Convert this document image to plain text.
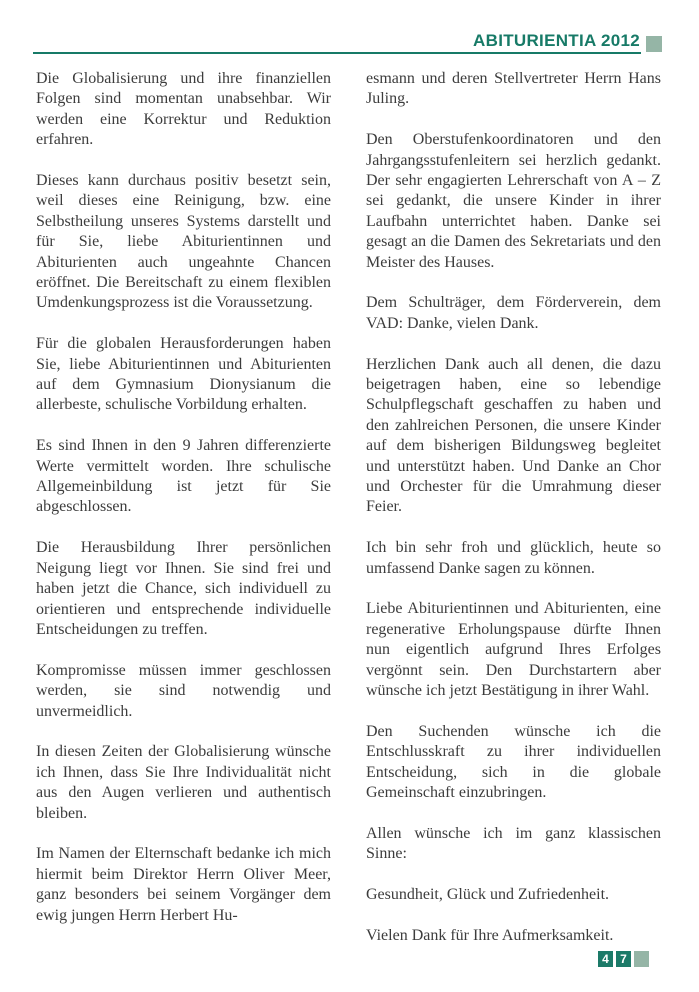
ABITURIENTIA 2012

Die Globalisierung und ihre finanziellen Folgen sind momentan unabsehbar. Wir werden eine Korrektur und Reduktion erfahren.

Dieses kann durchaus positiv besetzt sein, weil dieses eine Reinigung, bzw. eine Selbstheilung unseres Systems darstellt und für Sie, liebe Abiturientinnen und Abiturienten auch ungeahnte Chancen eröffnet. Die Bereitschaft zu einem flexiblen Umdenkungsprozess ist die Voraussetzung.

Für die globalen Herausforderungen haben Sie, liebe Abiturientinnen und Abiturienten auf dem Gymnasium Dionysianum die allerbeste, schulische Vorbildung erhalten.

Es sind Ihnen in den 9 Jahren differenzierte Werte vermittelt worden. Ihre schulische Allgemeinbildung ist jetzt für Sie abgeschlossen.

Die Herausbildung Ihrer persönlichen Neigung liegt vor Ihnen. Sie sind frei und haben jetzt die Chance, sich individuell zu orientieren und entsprechende individuelle Entscheidungen zu treffen.

Kompromisse müssen immer geschlossen werden, sie sind notwendig und unvermeidlich.

In diesen Zeiten der Globalisierung wünsche ich Ihnen, dass Sie Ihre Individualität nicht aus den Augen verlieren und authentisch bleiben.

Im Namen der Elternschaft bedanke ich mich hiermit beim Direktor Herrn Oliver Meer, ganz besonders bei seinem Vorgänger dem ewig jungen Herrn Herbert Hu-

esmann und deren Stellvertreter Herrn Hans Juling.

Den Oberstufenkoordinatoren und den Jahrgangsstufenleitern sei herzlich gedankt. Der sehr engagierten Lehrerschaft von A – Z sei gedankt, die unsere Kinder in ihrer Laufbahn unterrichtet haben. Danke sei gesagt an die Damen des Sekretariats und den Meister des Hauses.

Dem Schulträger, dem Förderverein, dem VAD: Danke, vielen Dank.

Herzlichen Dank auch all denen, die dazu beigetragen haben, eine so lebendige Schulpflegschaft geschaffen zu haben und den zahlreichen Personen, die unsere Kinder auf dem bisherigen Bildungsweg begleitet und unterstützt haben. Und Danke an Chor und Orchester für die Umrahmung dieser Feier.

Ich bin sehr froh und glücklich, heute so umfassend Danke sagen zu können.

Liebe Abiturientinnen und Abiturienten, eine regenerative Erholungspause dürfte Ihnen nun eigentlich aufgrund Ihres Erfolges vergönnt sein. Den Durchstartern aber wünsche ich jetzt Bestätigung in ihrer Wahl.

Den Suchenden wünsche ich die Entschlusskraft zu ihrer individuellen Entscheidung, sich in die globale Gemeinschaft einzubringen.

Allen wünsche ich im ganz klassischen Sinne:

Gesundheit, Glück und Zufriedenheit.

Vielen Dank für Ihre Aufmerksamkeit.

4 7
